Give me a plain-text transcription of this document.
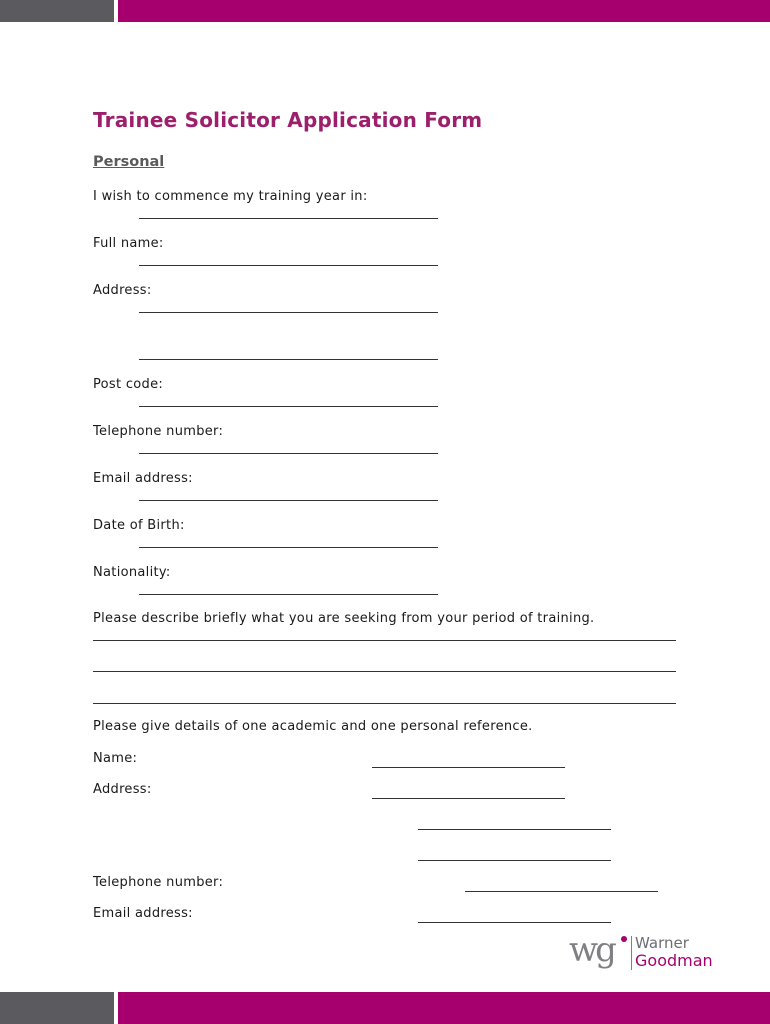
Trainee Solicitor Application Form
Personal
I wish to commence my training year in:
Full name:
Address:
Post code:
Telephone number:
Email address:
Date of Birth:
Nationality:
Please describe briefly what you are seeking from your period of training.
Please give details of one academic and one personal reference.
Name:
Address:
Telephone number:
Email address:
wg Warner
Goodman
